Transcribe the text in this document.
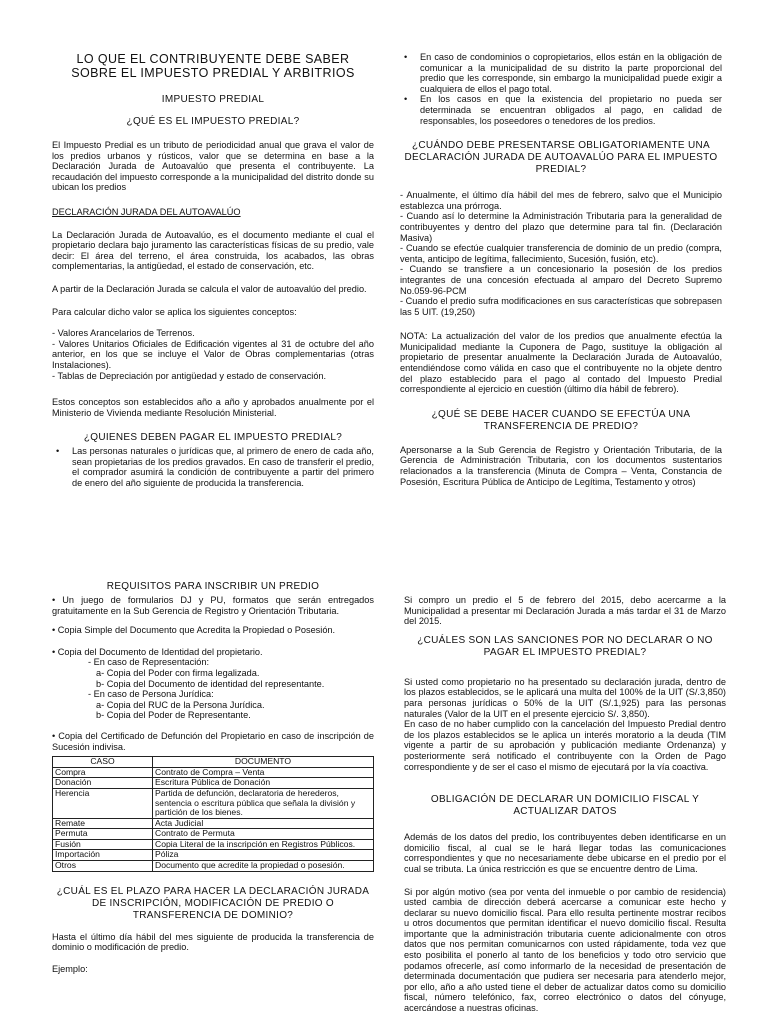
LO QUE EL CONTRIBUYENTE DEBE SABER
SOBRE EL IMPUESTO PREDIAL Y ARBITRIOS
IMPUESTO PREDIAL
¿QUÉ ES EL IMPUESTO PREDIAL?

El Impuesto Predial es un tributo de periodicidad anual que grava el valor de los predios urbanos y rústicos, valor que se determina en base a la Declaración Jurada de Autoavalúo que presenta el contribuyente. La recaudación del impuesto corresponde a la municipalidad del distrito donde su ubican los predios

DECLARACIÓN JURADA DEL AUTOAVALÚO

La Declaración Jurada de Autoavalúo, es el documento mediante el cual el propietario declara bajo juramento las características físicas de su predio, vale decir: El área del terreno, el área construida, los acabados, las obras complementarias, la antigüedad, el estado de conservación, etc.

A partir de la Declaración Jurada se calcula el valor de autoavalúo del predio.

Para calcular dicho valor se aplica los siguientes conceptos:

- Valores Arancelarios de Terrenos.
- Valores Unitarios Oficiales de Edificación vigentes al 31 de octubre del año anterior, en los que se incluye el Valor de Obras complementarias (otras Instalaciones).
- Tablas de Depreciación por antigüedad y estado de conservación.

Estos conceptos son establecidos año a año y aprobados anualmente por el Ministerio de Vivienda mediante Resolución Ministerial.

¿QUIENES DEBEN PAGAR EL IMPUESTO PREDIAL?
• Las personas naturales o jurídicas que, al primero de enero de cada año, sean propietarias de los predios gravados. En caso de transferir el predio, el comprador asumirá la condición de contribuyente a partir del primero de enero del año siguiente de producida la transferencia.
• En caso de condominios o copropietarios, ellos están en la obligación de comunicar a la municipalidad de su distrito la parte proporcional del predio que les corresponde, sin embargo la municipalidad puede exigir a cualquiera de ellos el pago total.
• En los casos en que la existencia del propietario no pueda ser determinada se encuentran obligados al pago, en calidad de responsables, los poseedores o tenedores de los predios.
¿CUÁNDO DEBE PRESENTARSE OBLIGATORIAMENTE UNA DECLARACIÓN JURADA DE AUTOAVALÚO PARA EL IMPUESTO PREDIAL?
- Anualmente, el último día hábil del mes de febrero, salvo que el Municipio establezca una prórroga.
- Cuando así lo determine la Administración Tributaria para la generalidad de contribuyentes y dentro del plazo que determine para tal fin. (Declaración Masiva)
- Cuando se efectúe cualquier transferencia de dominio de un predio (compra, venta, anticipo de legítima, fallecimiento, Sucesión, fusión, etc).
- Cuando se transfiere a un concesionario la posesión de los predios integrantes de una concesión efectuada al amparo del Decreto Supremo No.059-96-PCM
- Cuando el predio sufra modificaciones en sus características que sobrepasen las 5 UIT. (19,250)

NOTA: La actualización del valor de los predios que anualmente efectúa la Municipalidad mediante la Cuponera de Pago, sustituye la obligación al propietario de presentar anualmente la Declaración Jurada de Autoavalúo, entendiéndose como válida en caso que el contribuyente no la objete dentro del plazo establecido para el pago al contado del Impuesto Predial correspondiente al ejercicio en cuestión (último día hábil de febrero).

¿QUÉ SE DEBE HACER CUANDO SE EFECTÚA UNA TRANSFERENCIA DE PREDIO?

Apersonarse a la Sub Gerencia de Registro y Orientación Tributaria, de la Gerencia de Administración Tributaria, con los documentos sustentarios relacionados a la transferencia (Minuta de Compra – Venta, Constancia de Posesión, Escritura Pública de Anticipo de Legítima, Testamento y otros)

REQUISITOS PARA INSCRIBIR UN PREDIO

• Un juego de formularios DJ y PU, formatos que serán entregados gratuitamente en la Sub Gerencia de Registro y Orientación Tributaria.

• Copia Simple del Documento que Acredita la Propiedad o Posesión.

• Copia del Documento de Identidad del propietario.
- En caso de Representación:
a- Copia del Poder con firma legalizada.
b- Copia del Documento de identidad del representante.
- En caso de Persona Jurídica:
a- Copia del RUC de la Persona Jurídica.
b- Copia del Poder de Representante.

• Copia del Certificado de Defunción del Propietario en caso de inscripción de Sucesión indivisa.

CASO	DOCUMENTO
Compra	Contrato de Compra – Venta
Donación	Escritura Pública de Donación
Herencia	Partida de defunción, declaratoria de herederos, sentencia o escritura pública que señala la división y partición de los bienes.
Remate	Acta Judicial
Permuta	Contrato de Permuta
Fusión	Copia Literal de la inscripción en Registros Públicos.
Importación	Póliza
Otros	Documento que acredite la propiedad o posesión.
¿CUÁL ES EL PLAZO PARA HACER LA DECLARACIÓN JURADA DE INSCRIPCIÓN, MODIFICACIÓN DE PREDIO O TRANSFERENCIA DE DOMINIO?

Hasta el último día hábil del mes siguiente de producida la transferencia de dominio o modificación de predio.

Ejemplo:

Si compro un predio el 5 de febrero del 2015, debo acercarme a la Municipalidad a presentar mi Declaración Jurada a más tardar el 31 de Marzo del 2015.

¿CUÁLES SON LAS SANCIONES POR NO DECLARAR O NO PAGAR EL IMPUESTO PREDIAL?

Si usted como propietario no ha presentado su declaración jurada, dentro de los plazos establecidos, se le aplicará una multa del 100% de la UIT (S/.3,850) para personas jurídicas o 50% de la UIT (S/.1,925) para las personas naturales (Valor de la UIT en el presente ejercicio S/. 3,850).

En caso de no haber cumplido con la cancelación del Impuesto Predial dentro de los plazos establecidos se le aplica un interés moratorio a la deuda (TIM vigente a partir de su aprobación y publicación mediante Ordenanza) y posteriormente será notificado el contribuyente con la Orden de Pago correspondiente y de ser el caso el mismo de ejecutará por la vía coactiva.

OBLIGACIÓN DE DECLARAR UN DOMICILIO FISCAL Y ACTUALIZAR DATOS

Además de los datos del predio, los contribuyentes deben identificarse en un domicilio fiscal, al cual se le hará llegar todas las comunicaciones correspondientes y que no necesariamente debe ubicarse en el predio por el cual se tributa. La única restricción es que se encuentre dentro de Lima.

Si por algún motivo (sea por venta del inmueble o por cambio de residencia) usted cambia de dirección deberá acercarse a comunicar este hecho y declarar su nuevo domicilio fiscal. Para ello resulta pertinente mostrar recibos u otros documentos que permitan identificar el nuevo domicilio fiscal. Resulta importante que la administración tributaria cuente adicionalmente con otros datos que nos permitan comunicarnos con usted rápidamente, toda vez que esto posibilita el ponerlo al tanto de los beneficios y todo otro servicio que podamos ofrecerle, así como informarlo de la necesidad de presentación de determinada documentación que pudiera ser necesaria para atenderlo mejor, por ello, año a año usted tiene el deber de actualizar datos como su domicilio fiscal, número telefónico, fax, correo electrónico o datos del cónyuge, acercándose a nuestras oficinas.
